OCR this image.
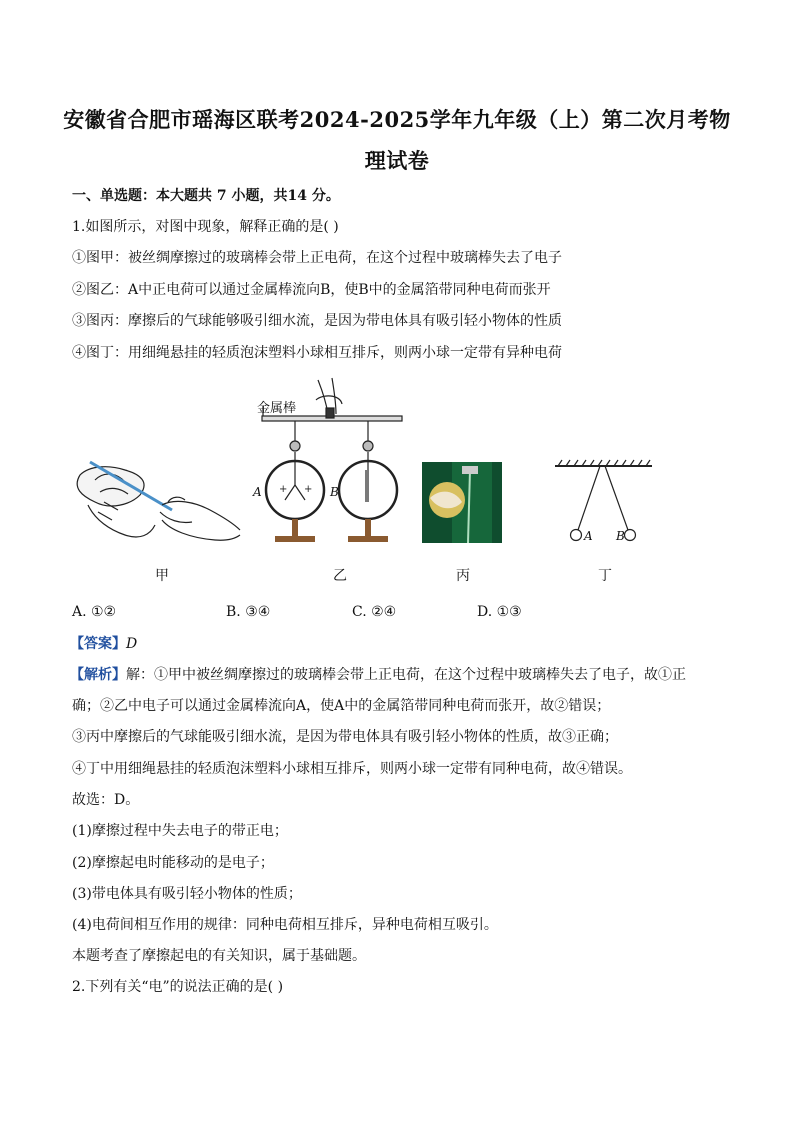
安徽省合肥市瑶海区联考2024-2025学年九年级（上）第二次月考物
理试卷
一、单选题：本大题共 7 小题，共14 分。
1.如图所示，对图中现象，解释正确的是( )
①图甲：被丝绸摩擦过的玻璃棒会带上正电荷，在这个过程中玻璃棒失去了电子
②图乙：A中正电荷可以通过金属棒流向B，使B中的金属箔带同种电荷而张开
③图丙：摩擦后的气球能够吸引细水流，是因为带电体具有吸引轻小物体的性质
④图丁：用细绳悬挂的轻质泡沫塑料小球相互排斥，则两小球一定带有异种电荷
+ +
金属棒
A	B
A B
甲	乙	丙	丁
A. ①②	B. ③④	C. ②④	D. ①③
【答案】D
【解析】解：①甲中被丝绸摩擦过的玻璃棒会带上正电荷，在这个过程中玻璃棒失去了电子，故①正
确；②乙中电子可以通过金属棒流向A，使A中的金属箔带同种电荷而张开，故②错误；
③丙中摩擦后的气球能吸引细水流，是因为带电体具有吸引轻小物体的性质，故③正确；
④丁中用细绳悬挂的轻质泡沫塑料小球相互排斥，则两小球一定带有同种电荷，故④错误。
故选：D。
(1)摩擦过程中失去电子的带正电；
(2)摩擦起电时能移动的是电子；
(3)带电体具有吸引轻小物体的性质；
(4)电荷间相互作用的规律：同种电荷相互排斥，异种电荷相互吸引。
本题考查了摩擦起电的有关知识，属于基础题。
2.下列有关“电”的说法正确的是( )
